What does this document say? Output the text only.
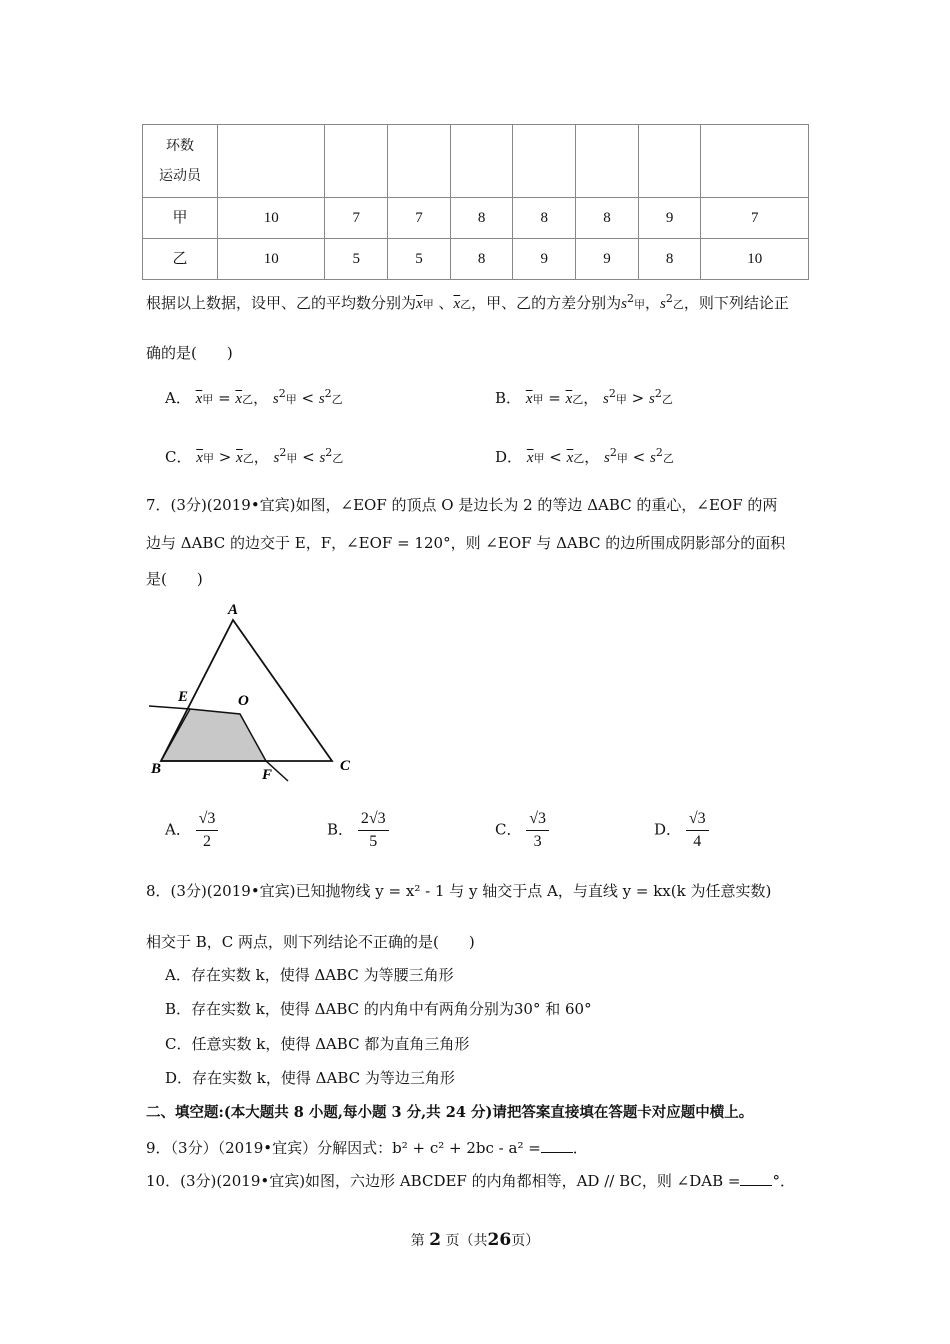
环数
运动员								

甲	10	7	7	8	8	8	9	7
乙	10	5	5	8	9	9	8	10
根据以上数据，设甲、乙的平均数分别为$\overline{x}$甲 、$\overline{x}$乙，甲、乙的方差分别为$s^2$甲，$s^2$乙，则下列结论正
确的是(　　)
A． $\overline{x}$甲 = $\overline{x}$乙， $s^2$甲 < $s^2$乙	B． $\overline{x}$甲 = $\overline{x}$乙， $s^2$甲 > $s^2$乙
C． $\overline{x}$甲 > $\overline{x}$乙， $s^2$甲 < $s^2$乙	D． $\overline{x}$甲 < $\overline{x}$乙， $s^2$甲 < $s^2$乙
7．(3分)(2019•宜宾)如图，∠EOF 的顶点 O 是边长为 2 的等边 ΔABC 的重心，∠EOF 的两
边与 ΔABC 的边交于 E，F，∠EOF = 120°，则 ∠EOF 与 ΔABC 的边所围成阴影部分的面积
是(　　)
A
E	O
B	F
C
A． $\frac{√3}{2}$	B． $\frac{2√3}{5}$	C． $\frac{√3}{3}$	D． $\frac{√3}{4}$
8．(3分)(2019•宜宾)已知抛物线 y = x² - 1 与 y 轴交于点 A，与直线 y = kx(k 为任意实数)
相交于 B，C 两点，则下列结论不正确的是(　　)
A．存在实数 k，使得 ΔABC 为等腰三角形
B．存在实数 k，使得 ΔABC 的内角中有两角分别为30° 和 60°
C．任意实数 k，使得 ΔABC 都为直角三角形
D．存在实数 k，使得 ΔABC 为等边三角形
二、填空题:(本大题共 8 小题,每小题 3 分,共 24 分)请把答案直接填在答题卡对应题中横上。
9．（3分）（2019•宜宾）分解因式：b² + c² + 2bc - a² = ．
10．(3分)(2019•宜宾)如图，六边形 ABCDEF 的内角都相等，AD // BC，则 ∠DAB = °．
第 2 页（共26页）
